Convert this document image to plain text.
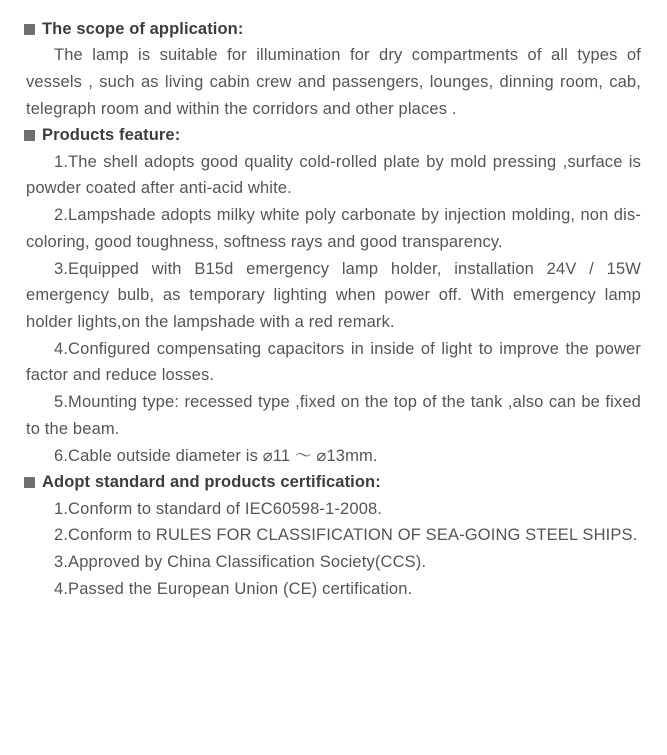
The scope of application:

The lamp is suitable for illumination for dry compartments of all types of vessels , such as living cabin crew and passengers, lounges, dinning room, cab, telegraph room and within the corridors and other places .

Products feature:

1.The shell adopts good quality cold-rolled plate by mold pressing ,surface is powder coated after anti-acid white.

2.Lampshade adopts milky white poly carbonate by injection molding, non dis-coloring, good toughness, softness rays and good transparency.

3.Equipped with B15d emergency lamp holder, installation 24V / 15W emergency bulb, as temporary lighting when power off. With emergency lamp holder lights,on the lampshade with a red remark.

4.Configured compensating capacitors in inside of light to improve the power factor and reduce losses.

5.Mounting type: recessed type ,fixed on the top of the tank ,also can be fixed to the beam.

6.Cable outside diameter is ⌀11 ～ ⌀13mm.

Adopt standard and products certification:

1.Conform to standard of IEC60598-1-2008.

2.Conform to RULES FOR CLASSIFICATION OF SEA-GOING STEEL SHIPS.

3.Approved by China Classification Society(CCS).

4.Passed the European Union (CE) certification.
